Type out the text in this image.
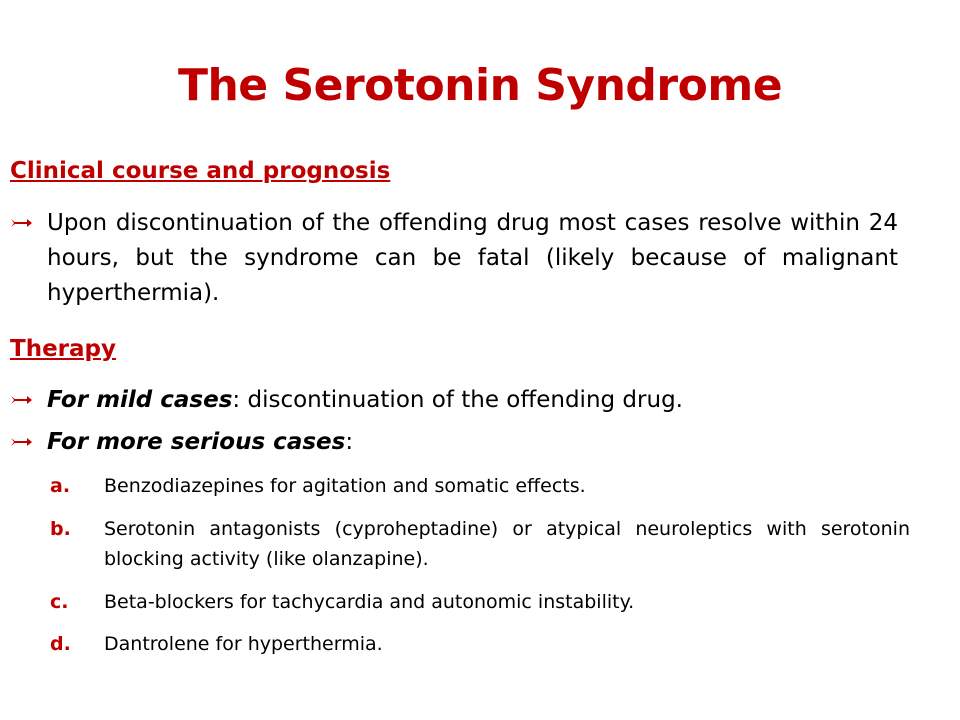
The Serotonin Syndrome
Clinical course and prognosis
Upon discontinuation of the offending drug most cases resolve within 24 hours, but the syndrome can be fatal (likely because of malignant hyperthermia).
Therapy
For mild cases: discontinuation of the offending drug.
For more serious cases:
a.	Benzodiazepines for agitation and somatic effects.
b.	Serotonin antagonists (cyproheptadine) or atypical neuroleptics with serotonin blocking activity (like olanzapine).
c.	Beta-blockers for tachycardia and autonomic instability.
d.	Dantrolene for hyperthermia.
